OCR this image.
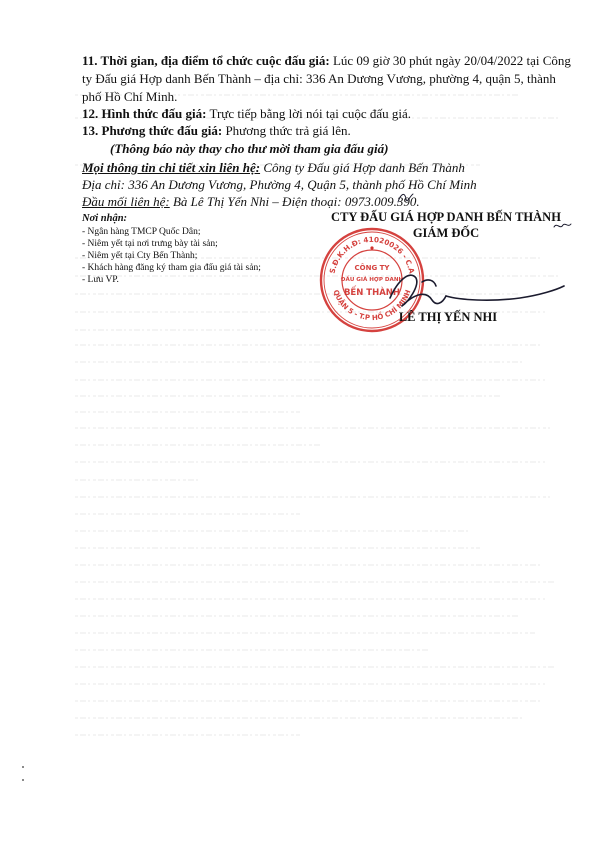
11. Thời gian, địa điểm tổ chức cuộc đấu giá: Lúc 09 giờ 30 phút ngày 20/04/2022 tại Công
ty Đấu giá Hợp danh Bến Thành – địa chỉ: 336 An Dương Vương, phường 4, quận 5, thành
phố Hồ Chí Minh.
12. Hình thức đấu giá: Trực tiếp bằng lời nói tại cuộc đấu giá.
13. Phương thức đấu giá: Phương thức trả giá lên.
(Thông báo này thay cho thư mời tham gia đấu giá)
Mọi thông tin chi tiết xin liên hệ: Công ty Đấu giá Hợp danh Bến Thành
Địa chỉ: 336 An Dương Vương, Phường 4, Quận 5, thành phố Hồ Chí Minh
Đầu mối liên hệ: Bà Lê Thị Yến Nhi – Điện thoại: 0973.009.390.
Nơi nhận:
- Ngân hàng TMCP Quốc Dân;
- Niêm yết tại nơi trưng bày tài sản;
- Niêm yết tại Cty Bến Thành;
- Khách hàng đăng ký tham gia đấu giá tài sản;
- Lưu VP.
CTY ĐẤU GIÁ HỢP DANH BẾN THÀNH
GIÁM ĐỐC
S.Đ.K.H.Đ: 41020026 - C.A
QUẬN 5 - T.P HỒ CHÍ MINH
CÔNG TY
ĐẤU GIÁ HỢP DANH
BẾN THÀNH
LÊ THỊ YẾN NHI
